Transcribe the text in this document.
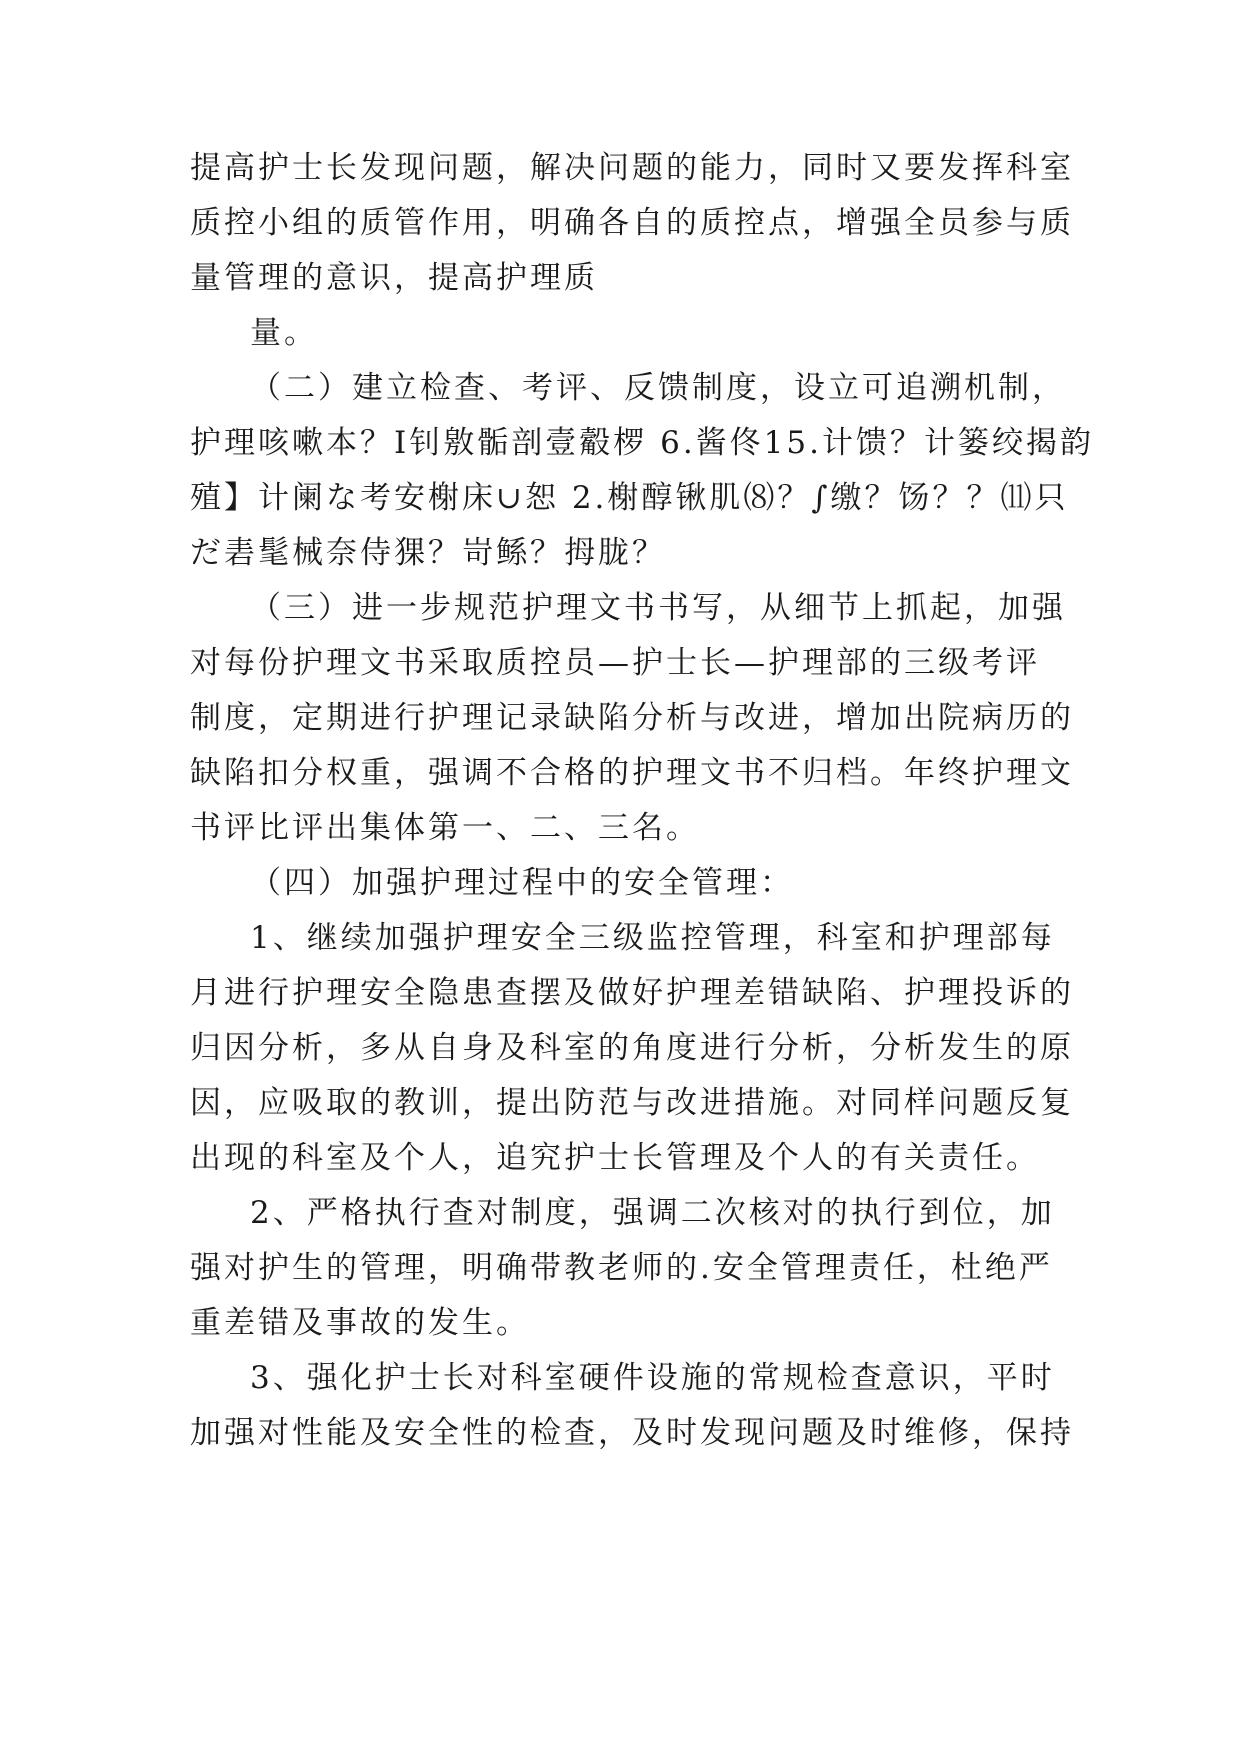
提高护士长发现问题，解决问题的能力，同时又要发挥科室
质控小组的质管作用，明确各自的质控点，增强全员参与质
量管理的意识，提高护理质
量。
（二）建立检查、考评、反馈制度，设立可追溯机制，
护理咳嗽本？Ⅰ钊敫骺剖壹觳椤 6.酱佟15.计馈？计篓绞揭韵
殖】计阑な考安榭床∪恕 2.榭醇锹肌⑻？∫缴？饧？？⑾只
だ砉髦械奈侍猓？岢鲧？拇胧？
（三）进一步规范护理文书书写，从细节上抓起，加强
对每份护理文书采取质控员—护士长—护理部的三级考评
制度，定期进行护理记录缺陷分析与改进，增加出院病历的
缺陷扣分权重，强调不合格的护理文书不归档。年终护理文
书评比评出集体第一、二、三名。
（四）加强护理过程中的安全管理：
1、继续加强护理安全三级监控管理，科室和护理部每
月进行护理安全隐患查摆及做好护理差错缺陷、护理投诉的
归因分析，多从自身及科室的角度进行分析，分析发生的原
因，应吸取的教训，提出防范与改进措施。对同样问题反复
出现的科室及个人，追究护士长管理及个人的有关责任。
2、严格执行查对制度，强调二次核对的执行到位，加
强对护生的管理，明确带教老师的.安全管理责任，杜绝严
重差错及事故的发生。
3、强化护士长对科室硬件设施的常规检查意识，平时
加强对性能及安全性的检查，及时发现问题及时维修，保持
